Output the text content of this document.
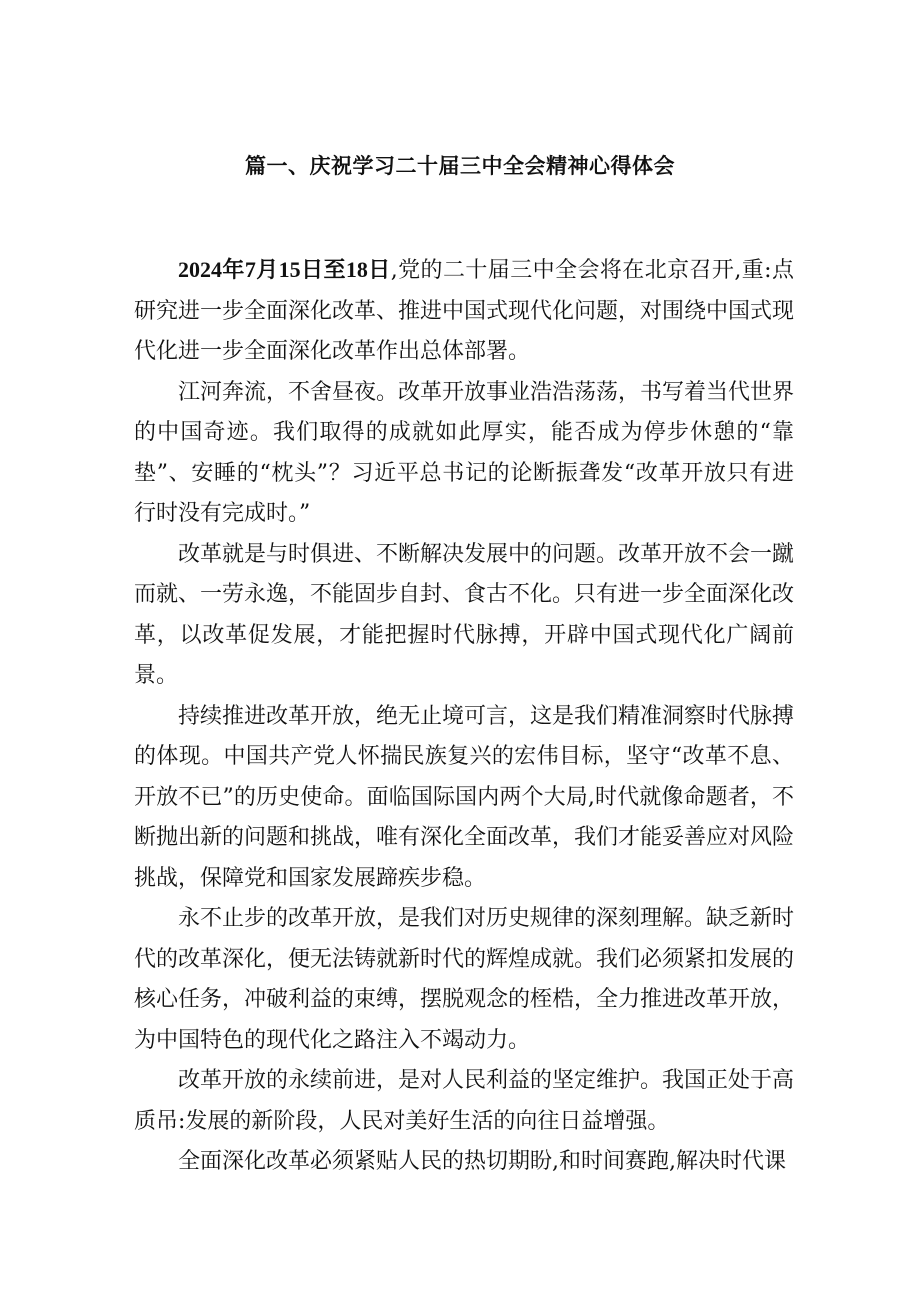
篇一、庆祝学习二十届三中全会精神心得体会

2024年7月15日至18日,党的二十届三中全会将在北京召开,重:点研究进一步全面深化改革、推进中国式现代化问题，对围绕中国式现代化进一步全面深化改革作出总体部署。

江河奔流，不舍昼夜。改革开放事业浩浩荡荡，书写着当代世界的中国奇迹。我们取得的成就如此厚实，能否成为停步休憩的“靠垫”、安睡的“枕头”？习近平总书记的论断振聋发“改革开放只有进行时没有完成时。”

改革就是与时俱进、不断解决发展中的问题。改革开放不会一蹴而就、一劳永逸，不能固步自封、食古不化。只有进一步全面深化改革，以改革促发展，才能把握时代脉搏，开辟中国式现代化广阔前景。

持续推进改革开放，绝无止境可言，这是我们精准洞察时代脉搏的体现。中国共产党人怀揣民族复兴的宏伟目标，坚守“改革不息、开放不已”的历史使命。面临国际国内两个大局,时代就像命题者，不断抛出新的问题和挑战，唯有深化全面改革，我们才能妥善应对风险挑战，保障党和国家发展蹄疾步稳。

永不止步的改革开放，是我们对历史规律的深刻理解。缺乏新时代的改革深化，便无法铸就新时代的辉煌成就。我们必须紧扣发展的核心任务，冲破利益的束缚，摆脱观念的桎梏，全力推进改革开放，为中国特色的现代化之路注入不竭动力。

改革开放的永续前进，是对人民利益的坚定维护。我国正处于高质吊:发展的新阶段，人民对美好生活的向往日益增强。

全面深化改革必须紧贴人民的热切期盼,和时间赛跑,解决时代课
